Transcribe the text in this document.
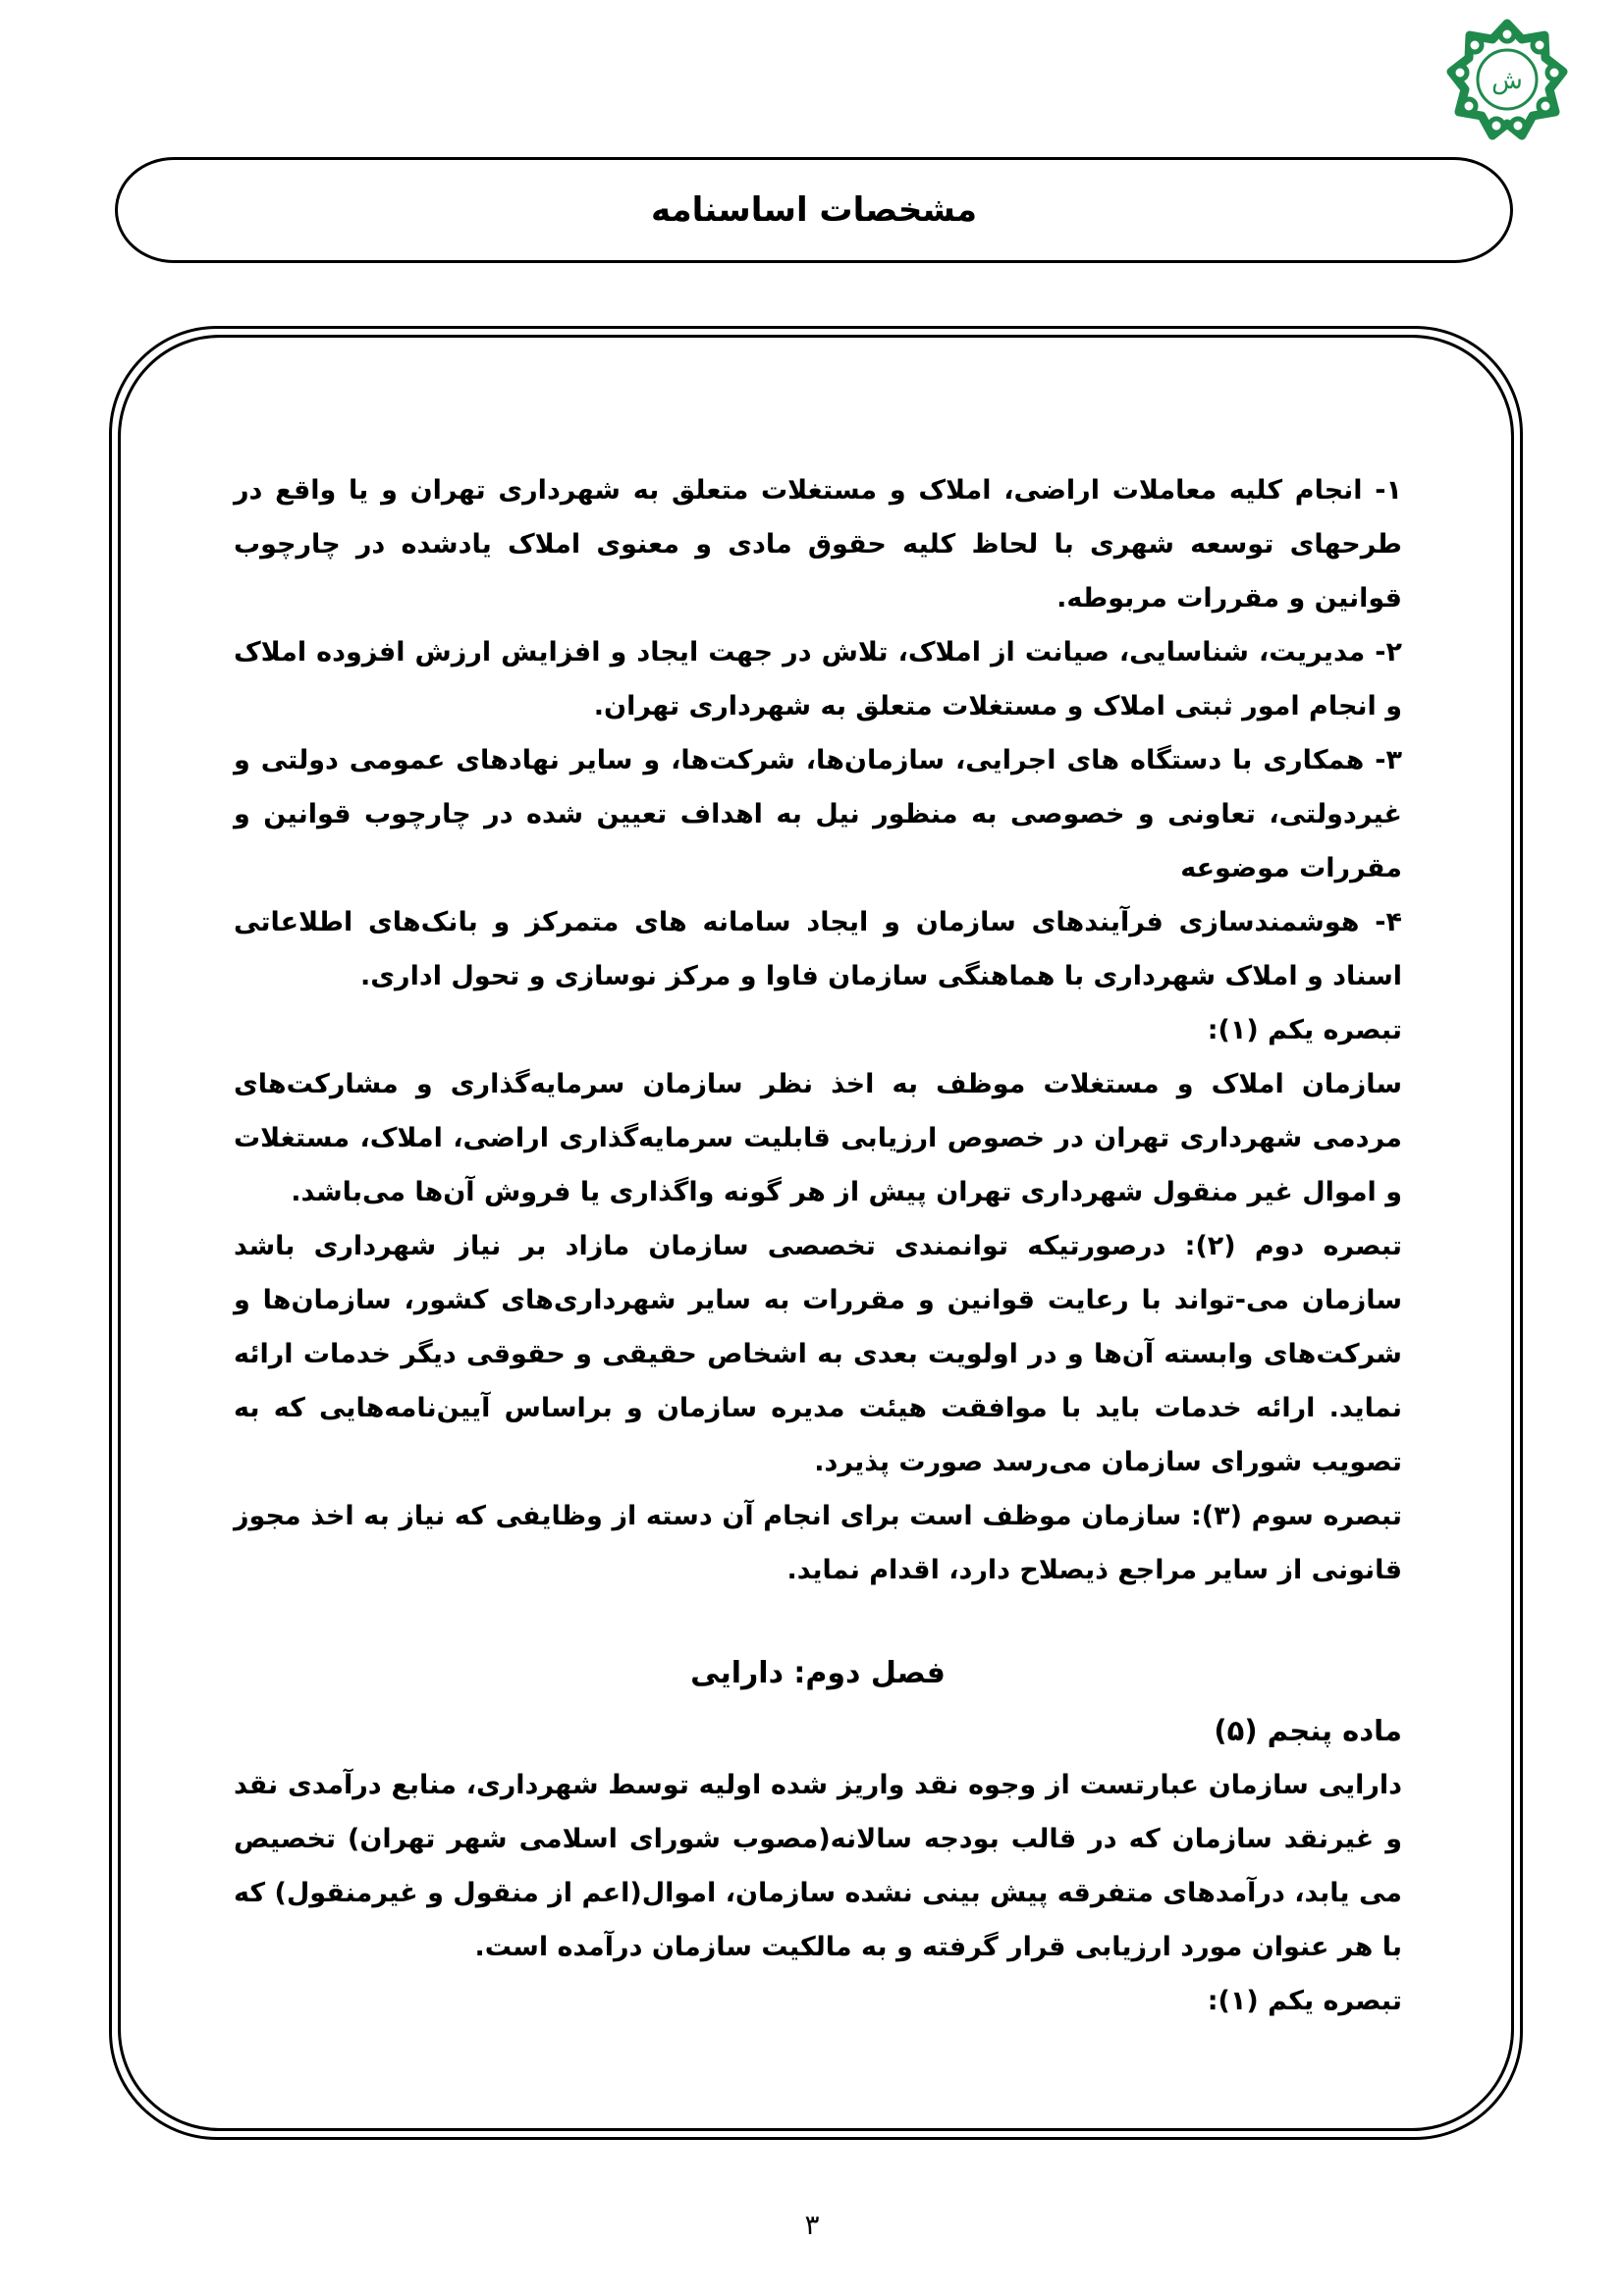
ش
مشخصات اساسنامه

۱- انجام کلیه معاملات اراضی، املاک و مستغلات متعلق به شهرداری تهران و یا واقع در طرحهای توسعه شهری با لحاظ کلیه حقوق مادی و معنوی املاک یادشده در چارچوب قوانین و مقررات مربوطه.

۲- مدیریت، شناسایی، صیانت از املاک، تلاش در جهت ایجاد و افزایش ارزش افزوده املاک و انجام امور ثبتی املاک و مستغلات متعلق به شهرداری تهران.

۳- همکاری با دستگاه های اجرایی، سازمان‌ها، شرکت‌ها، و سایر نهادهای عمومی دولتی و غیردولتی، تعاونی و خصوصی به منظور نیل به اهداف تعیین شده در چارچوب قوانین و مقررات موضوعه

۴- هوشمندسازی فرآیندهای سازمان و ایجاد سامانه های متمرکز و بانک‌های اطلاعاتی اسناد و املاک شهرداری با هماهنگی سازمان فاوا و مرکز نوسازی و تحول اداری.

تبصره یکم (۱):

سازمان املاک و مستغلات موظف به اخذ نظر سازمان سرمایه‌گذاری و مشارکت‌های مردمی شهرداری تهران در خصوص ارزیابی قابلیت سرمایه‌گذاری اراضی، املاک، مستغلات و اموال غیر منقول شهرداری تهران پیش از هر گونه واگذاری یا فروش آن‌ها می‌باشد.

تبصره دوم (۲): درصورتیکه توانمندی تخصصی سازمان مازاد بر نیاز شهرداری باشد سازمان می-تواند با رعایت قوانین و مقررات به سایر شهرداری‌های کشور، سازمان‌ها و شرکت‌های وابسته آن‌ها و در اولویت بعدی به اشخاص حقیقی و حقوقی دیگر خدمات ارائه نماید. ارائه خدمات باید با موافقت هیئت مدیره سازمان و براساس آیین‌نامه‌هایی که به تصویب شورای سازمان می‌رسد صورت پذیرد.

تبصره سوم (۳): سازمان موظف است برای انجام آن دسته از وظایفی که نیاز به اخذ مجوز قانونی از سایر مراجع ذیصلاح دارد، اقدام نماید.

فصل دوم: دارایی

ماده پنجم (۵)

دارایی سازمان عبارتست از وجوه نقد واریز شده اولیه توسط شهرداری، منابع درآمدی نقد و غیرنقد سازمان که در قالب بودجه سالانه(مصوب شورای اسلامی شهر تهران) تخصیص می یابد، درآمدهای متفرقه پیش بینی نشده سازمان، اموال(اعم از منقول و غیرمنقول) که با هر عنوان مورد ارزیابی قرار گرفته و به مالکیت سازمان درآمده است.

تبصره یکم (۱):

۳
